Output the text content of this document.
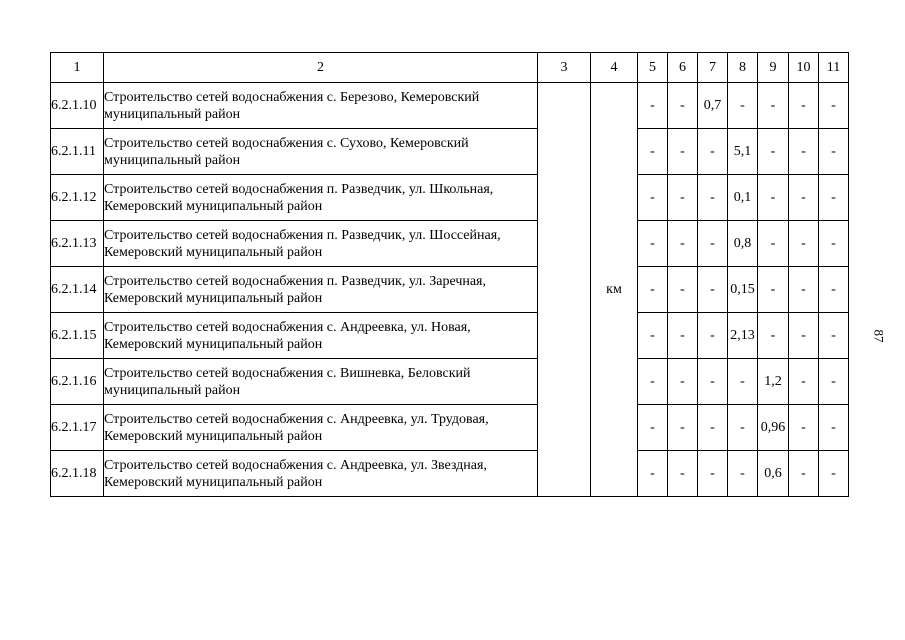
1	2	3	4	5	6	7	8	9	10	11
6.2.1.10	Строительство сетей водоснабжения с. Березово, Кемеровский муниципальный район		км	-	-	0,7	-	-	-	-
6.2.1.11	Строительство сетей водоснабжения с. Сухово, Кемеровский муниципальный район			-	-	-	5,1	-	-	-
6.2.1.12	Строительство сетей водоснабжения п. Разведчик, ул. Школьная, Кемеровский муниципальный район			-	-	-	0,1	-	-	-
6.2.1.13	Строительство сетей водоснабжения п. Разведчик, ул. Шоссейная, Кемеровский муниципальный район			-	-	-	0,8	-	-	-
6.2.1.14	Строительство сетей водоснабжения п. Разведчик, ул. Заречная, Кемеровский муниципальный район			-	-	-	0,15	-	-	-
6.2.1.15	Строительство сетей водоснабжения с. Андреевка, ул. Новая, Кемеровский муниципальный район			-	-	-	2,13	-	-	-
6.2.1.16	Строительство сетей водоснабжения с. Вишневка, Беловский муниципальный район			-	-	-	-	1,2	-	-
6.2.1.17	Строительство сетей водоснабжения с. Андреевка, ул. Трудовая, Кемеровский муниципальный район			-	-	-	-	0,96	-	-
6.2.1.18	Строительство сетей водоснабжения с. Андреевка, ул. Звездная, Кемеровский муниципальный район			-	-	-	-	0,6	-	-
87
